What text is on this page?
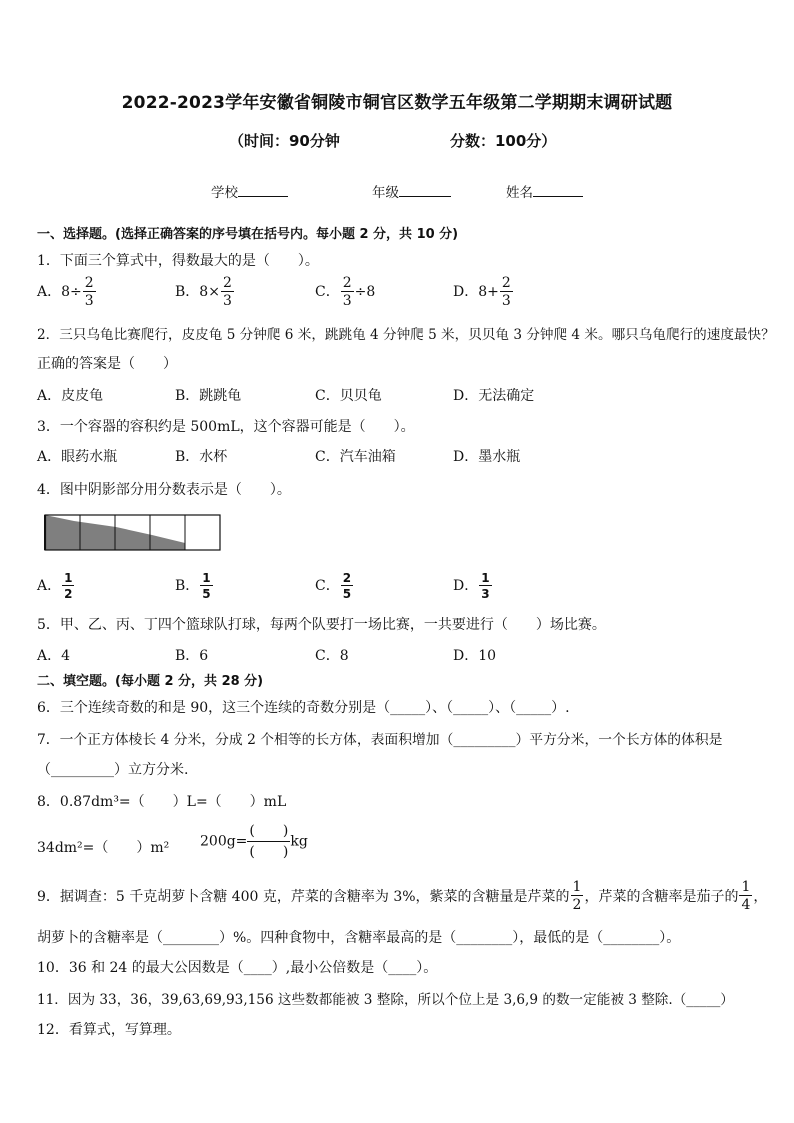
2022-2023学年安徽省铜陵市铜官区数学五年级第二学期期末调研试题
（时间：90分钟	分数：100分）
学校	年级	姓名
一、选择题。(选择正确答案的序号填在括号内。每小题 2 分，共 10 分)
1．下面三个算式中，得数最大的是（　　）。
A．$8\div \frac{2}{3}$	B．$8\times \frac{2}{3}$	C． $\frac{2}{3} \div 8$	D．$8+ \frac{2}{3}$
2．三只乌龟比赛爬行，皮皮龟 5 分钟爬 6 米，跳跳龟 4 分钟爬 5 米，贝贝龟 3 分钟爬 4 米。哪只乌龟爬行的速度最快？
正确的答案是（　　）
A．皮皮龟	B．跳跳龟	C．贝贝龟	D．无法确定
3．一个容器的容积约是 500mL，这个容器可能是（　　）。
A．眼药水瓶	B．水杯	C．汽车油箱	D．墨水瓶
4．图中阴影部分用分数表示是（　　）。
A． $\frac{1}{2}$	B． $\frac{1}{5}$	C． $\frac{2}{5}$	D． $\frac{1}{3}$
5．甲、乙、丙、丁四个篮球队打球，每两个队要打一场比赛，一共要进行（　　）场比赛。
A．4	B．6	C．8	D．10
二、填空题。(每小题 2 分，共 28 分)
6．三个连续奇数的和是 90，这三个连续的奇数分别是（_____）、（_____）、（_____）.
7．一个正方体棱长 4 分米，分成 2 个相等的长方体，表面积增加（_________）平方分米，一个长方体的体积是
（_________）立方分米.
8．0.87dm³=（　　）L=（　　）mL
34dm²=（　　）m² $200g= \frac{( )}{( )}$ kg
9．据调查：5 千克胡萝卜含糖 400 克，芹菜的含糖率为 3%，紫菜的含糖量是芹菜的 $\frac{1}{2}$ ，芹菜的含糖率是茄子的 $\frac{1}{4}$ ，
胡萝卜的含糖率是（________）%。四种食物中，含糖率最高的是（________），最低的是（________）。
10．36 和 24 的最大公因数是（____）,最小公倍数是（____）。
11．因为 33，36，39,63,69,93,156 这些数都能被 3 整除，所以个位上是 3,6,9 的数一定能被 3 整除.（_____）
12．看算式，写算理。
